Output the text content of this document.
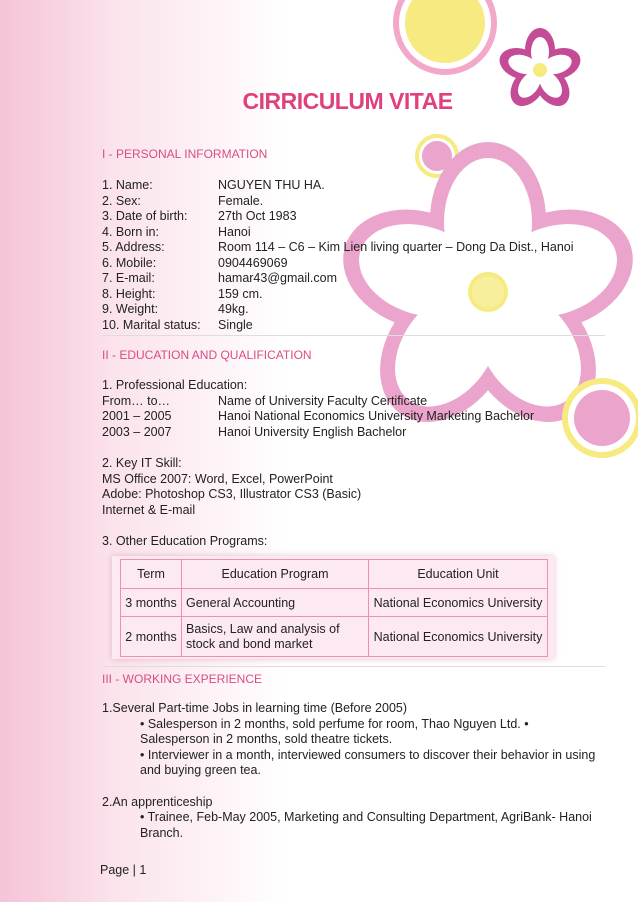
CIRRICULUM VITAE
I - PERSONAL INFORMATION
1. Name:	NGUYEN THU HA.
2. Sex:	Female.
3. Date of birth: 27th Oct 1983
4. Born in:	Hanoi
5. Address:	Room 114 – C6 – Kim Lien living quarter – Dong Da Dist., Hanoi
6. Mobile:	0904469069
7. E-mail:	hamar43@gmail.com
8. Height:	159 cm.
9. Weight:	49kg.
10. Marital status: Single
II - EDUCATION AND QUALIFICATION
1. Professional Education:
From… to…	Name of University Faculty Certificate
2001 – 2005	Hanoi National Economics University Marketing Bachelor
2003 – 2007	Hanoi University English Bachelor
2. Key IT Skill:
MS Office 2007: Word, Excel, PowerPoint
Adobe: Photoshop CS3, Illustrator CS3 (Basic)
Internet & E-mail
3. Other Education Programs:
Term	Education Program	Education Unit
3 months	General Accounting	National Economics University
2 months	Basics, Law and analysis of stock and bond market	National Economics University
III - WORKING EXPERIENCE
1.Several Part-time Jobs in learning time (Before 2005)
• Salesperson in 2 months, sold perfume for room, Thao Nguyen Ltd. • Salesperson in 2 months, sold theatre tickets.
• Interviewer in a month, interviewed consumers to discover their behavior in using and buying green tea.
2.An apprenticeship
• Trainee, Feb-May 2005, Marketing and Consulting Department, AgriBank- Hanoi Branch.
Page | 1
